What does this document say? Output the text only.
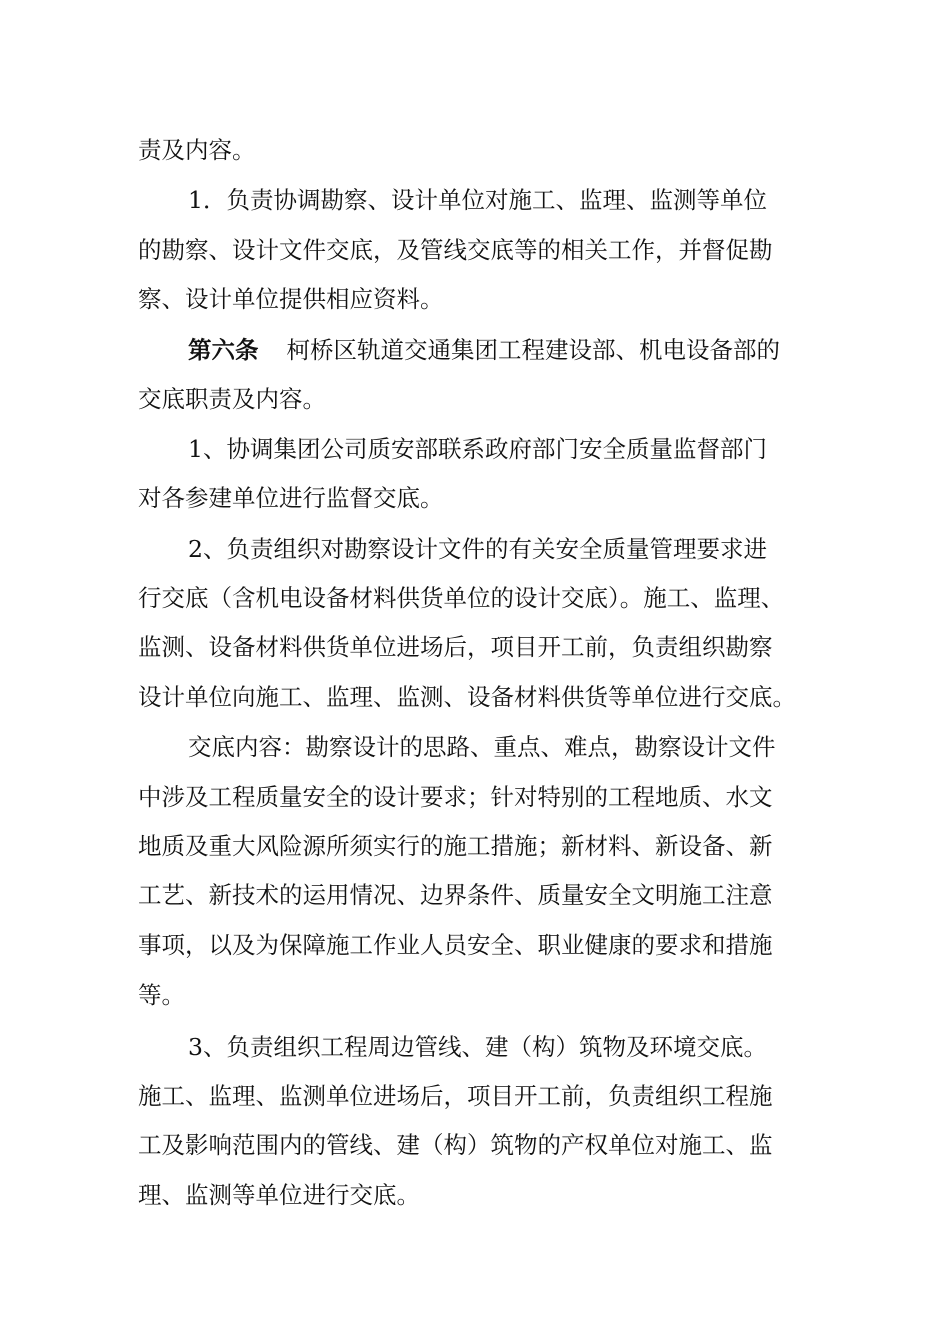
责及内容。
1．负责协调勘察、设计单位对施工、监理、监测等单位
的勘察、设计文件交底，及管线交底等的相关工作，并督促勘
察、设计单位提供相应资料。
第六条 柯桥区轨道交通集团工程建设部、机电设备部的
交底职责及内容。
1、协调集团公司质安部联系政府部门安全质量监督部门
对各参建单位进行监督交底。
2、负责组织对勘察设计文件的有关安全质量管理要求进
行交底（含机电设备材料供货单位的设计交底）。施工、监理、
监测、设备材料供货单位进场后，项目开工前，负责组织勘察
设计单位向施工、监理、监测、设备材料供货等单位进行交底。
交底内容：勘察设计的思路、重点、难点，勘察设计文件
中涉及工程质量安全的设计要求；针对特别的工程地质、水文
地质及重大风险源所须实行的施工措施；新材料、新设备、新
工艺、新技术的运用情况、边界条件、质量安全文明施工注意
事项，以及为保障施工作业人员安全、职业健康的要求和措施
等。
3、负责组织工程周边管线、建（构）筑物及环境交底。
施工、监理、监测单位进场后，项目开工前，负责组织工程施
工及影响范围内的管线、建（构）筑物的产权单位对施工、监
理、监测等单位进行交底。
